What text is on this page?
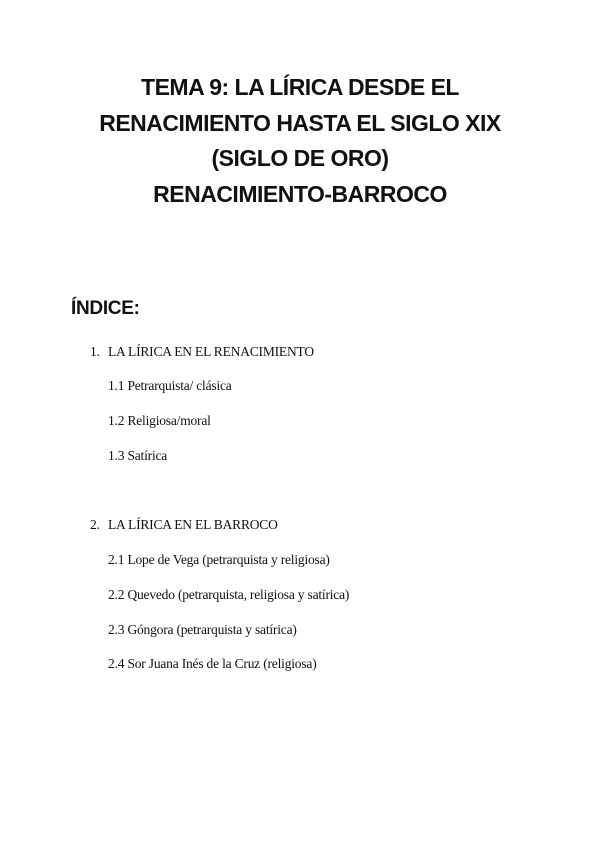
TEMA 9: LA LÍRICA DESDE EL
RENACIMIENTO HASTA EL SIGLO XIX
(SIGLO DE ORO)
RENACIMIENTO-BARROCO
ÍNDICE:
1. LA LÍRICA EN EL RENACIMIENTO
1.1 Petrarquista/ clásica
1.2 Religiosa/moral
1.3 Satírica
2. LA LÍRICA EN EL BARROCO
2.1 Lope de Vega (petrarquista y religiosa)
2.2 Quevedo (petrarquista, religiosa y satírica)
2.3 Góngora (petrarquista y satírica)
2.4 Sor Juana Inés de la Cruz (religiosa)
